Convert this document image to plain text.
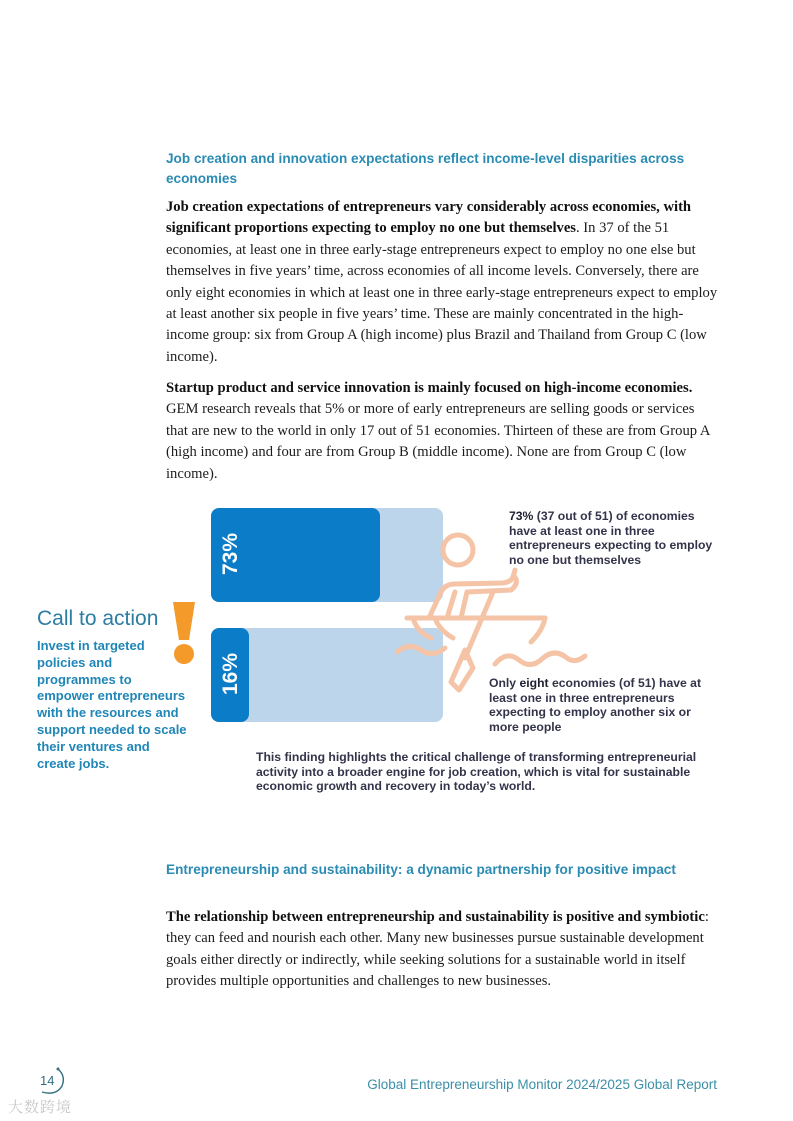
Job creation and innovation expectations reflect income-level disparities across economies
Job creation expectations of entrepreneurs vary considerably across economies, with significant proportions expecting to employ no one but themselves. In 37 of the 51 economies, at least one in three early-stage entrepreneurs expect to employ no one else but themselves in five years’ time, across economies of all income levels. Conversely, there are only eight economies in which at least one in three early-stage entrepreneurs expect to employ at least another six people in five years’ time. These are mainly concentrated in the high-income group: six from Group A (high income) plus Brazil and Thailand from Group C (low income).
Startup product and service innovation is mainly focused on high-income economies. GEM research reveals that 5% or more of early entrepreneurs are selling goods or services that are new to the world in only 17 out of 51 economies. Thirteen of these are from Group A (high income) and four are from Group B (middle income). None are from Group C (low income).
73%
16%
73% (37 out of 51) of economies have at least one in three entrepreneurs expecting to employ no one but themselves
Only eight economies (of 51) have at least one in three entrepreneurs expecting to employ another six or more people
This finding highlights the critical challenge of transforming entrepreneurial activity into a broader engine for job creation, which is vital for sustainable economic growth and recovery in today’s world.
Call to action
Invest in targeted policies and programmes to empower entrepreneurs with the resources and support needed to scale their ventures and create jobs.
Entrepreneurship and sustainability: a dynamic partnership for positive impact
The relationship between entrepreneurship and sustainability is positive and symbiotic: they can feed and nourish each other. Many new businesses pursue sustainable development goals either directly or indirectly, while seeking solutions for a sustainable world in itself provides multiple opportunities and challenges to new businesses.
14	Global Entrepreneurship Monitor 2024/2025 Global Report
大数跨境
